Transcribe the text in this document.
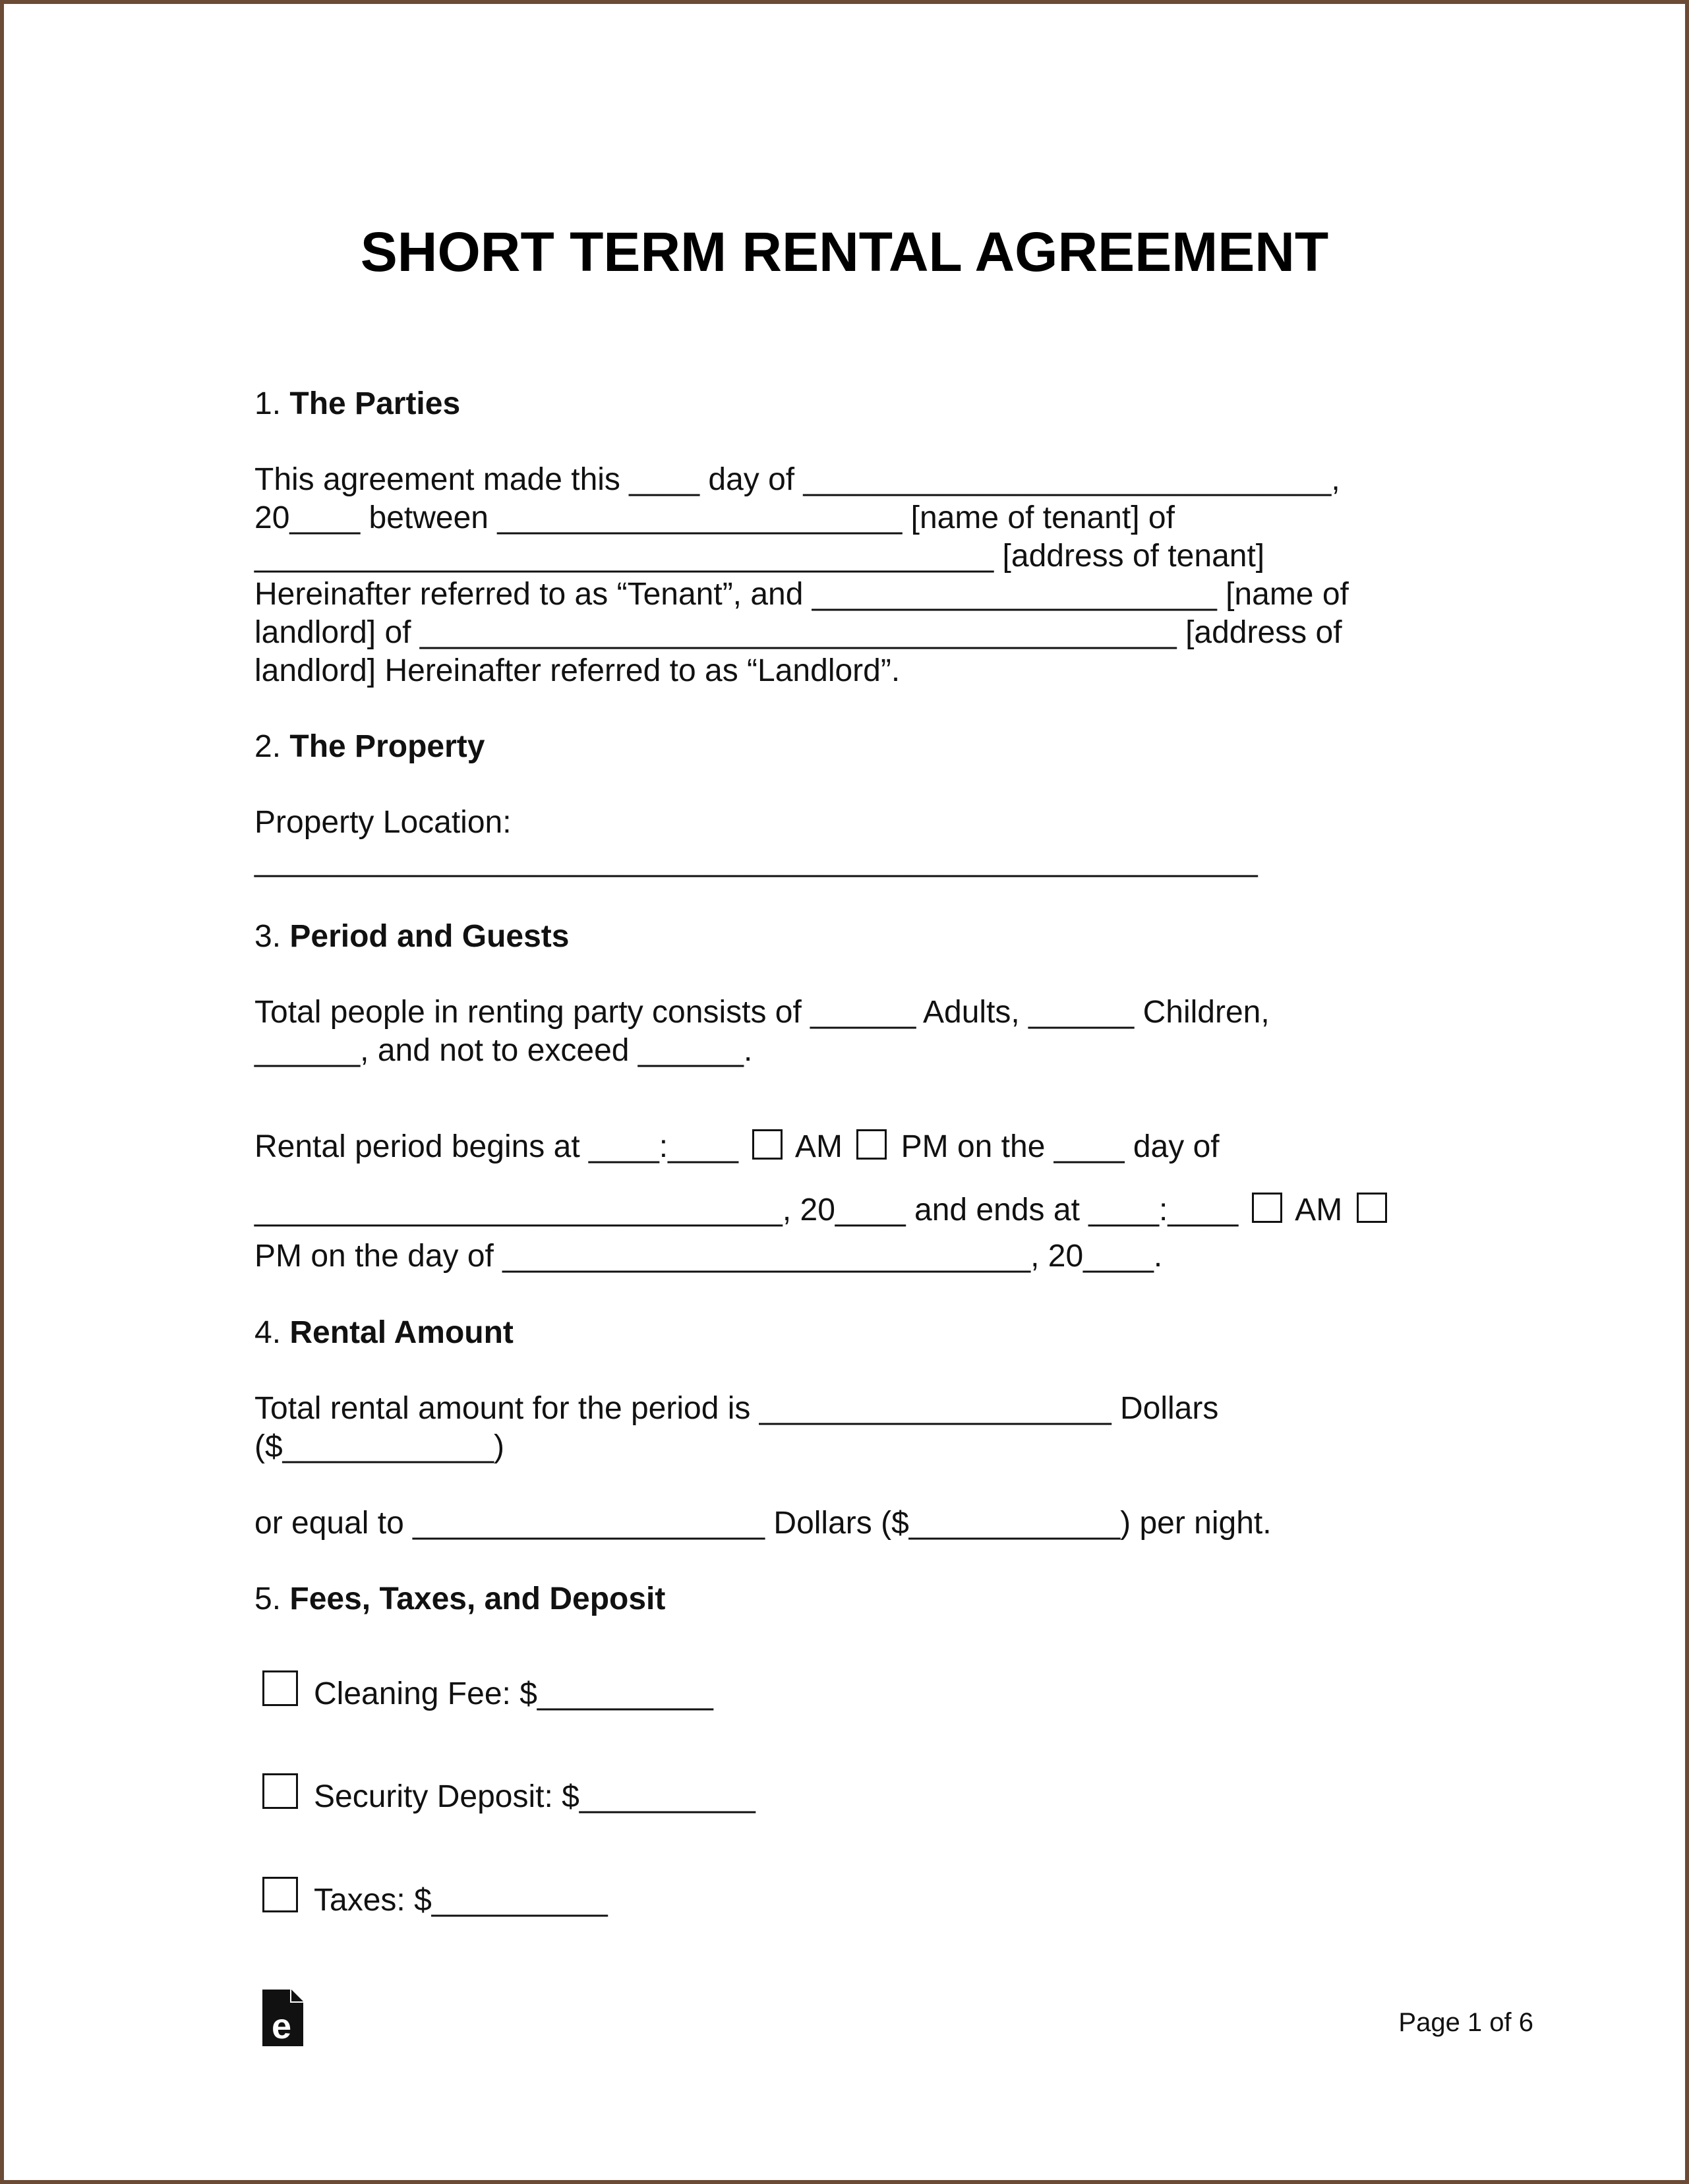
SHORT TERM RENTAL AGREEMENT
1. The Parties
This agreement made this ____ day of ______________________________,
20____ between _______________________ [name of tenant] of
__________________________________________ [address of tenant]
Hereinafter referred to as “Tenant”, and _______________________ [name of
landlord] of ___________________________________________ [address of
landlord] Hereinafter referred to as “Landlord”.
2. The Property
Property Location:
_________________________________________________________
3. Period and Guests
Total people in renting party consists of ______ Adults, ______ Children,
______, and not to exceed ______.
Rental period begins at ____:____  AM  PM on the ____ day of
______________________________, 20____ and ends at ____:____  AM
PM on the day of ______________________________, 20____.
4. Rental Amount
Total rental amount for the period is ____________________ Dollars
($____________)
or equal to ____________________ Dollars ($____________) per night.
5. Fees, Taxes, and Deposit
Cleaning Fee: $__________
Security Deposit: $__________
Taxes: $__________
e	Page 1 of 6
